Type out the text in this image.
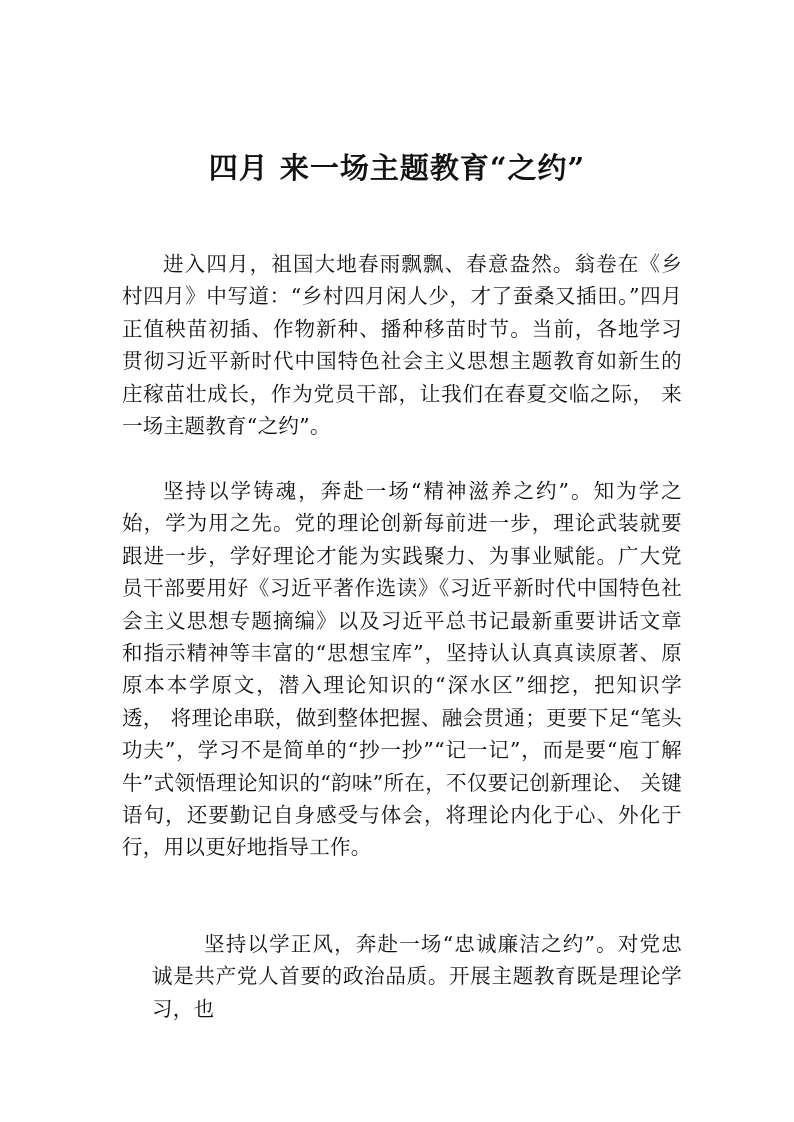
四月 来一场主题教育“之约”

进入四月，祖国大地春雨飘飘、春意盎然。翁卷在《乡村四月》中写道：“乡村四月闲人少，才了蚕桑又插田。”四月正值秧苗初插、作物新种、播种移苗时节。当前，各地学习贯彻习近平新时代中国特色社会主义思想主题教育如新生的庄稼苗壮成长，作为党员干部，让我们在春夏交临之际， 来一场主题教育“之约”。

坚持以学铸魂，奔赴一场“精神滋养之约”。知为学之始，学为用之先。党的理论创新每前进一步，理论武装就要跟进一步，学好理论才能为实践聚力、为事业赋能。广大党员干部要用好《习近平著作选读》《习近平新时代中国特色社会主义思想专题摘编》以及习近平总书记最新重要讲话文章和指示精神等丰富的“思想宝库”，坚持认认真真读原著、原原本本学原文，潜入理论知识的“深水区”细挖，把知识学透， 将理论串联，做到整体把握、融会贯通；更要下足“笔头功夫”，学习不是简单的“抄一抄”“记一记”，而是要“庖丁解牛”式领悟理论知识的“韵味”所在，不仅要记创新理论、 关键语句，还要勤记自身感受与体会，将理论内化于心、外化于行，用以更好地指导工作。

坚持以学正风，奔赴一场“忠诚廉洁之约”。对党忠诚是共产党人首要的政治品质。开展主题教育既是理论学习，也
